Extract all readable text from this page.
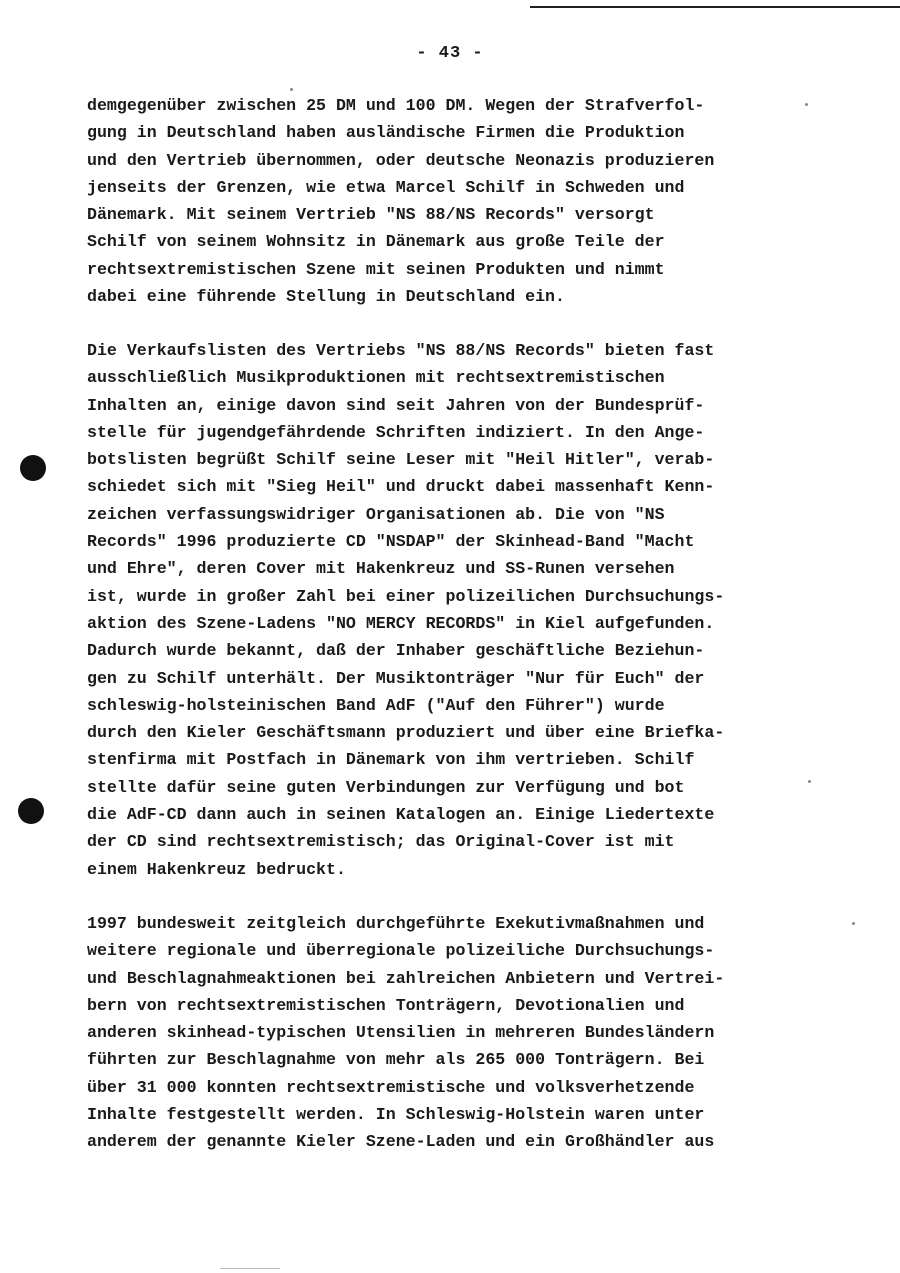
- 43 -
demgegenüber zwischen 25 DM und 100 DM. Wegen der Strafverfol-
gung in Deutschland haben ausländische Firmen die Produktion
und den Vertrieb übernommen, oder deutsche Neonazis produzieren
jenseits der Grenzen, wie etwa Marcel Schilf in Schweden und
Dänemark. Mit seinem Vertrieb "NS 88/NS Records" versorgt
Schilf von seinem Wohnsitz in Dänemark aus große Teile der
rechtsextremistischen Szene mit seinen Produkten und nimmt
dabei eine führende Stellung in Deutschland ein.
Die Verkaufslisten des Vertriebs "NS 88/NS Records" bieten fast
ausschließlich Musikproduktionen mit rechtsextremistischen
Inhalten an, einige davon sind seit Jahren von der Bundesprüf-
stelle für jugendgefährdende Schriften indiziert. In den Ange-
botslisten begrüßt Schilf seine Leser mit "Heil Hitler", verab-
schiedet sich mit "Sieg Heil" und druckt dabei massenhaft Kenn-
zeichen verfassungswidriger Organisationen ab. Die von "NS
Records" 1996 produzierte CD "NSDAP" der Skinhead-Band "Macht
und Ehre", deren Cover mit Hakenkreuz und SS-Runen versehen
ist, wurde in großer Zahl bei einer polizeilichen Durchsuchungs-
aktion des Szene-Ladens "NO MERCY RECORDS" in Kiel aufgefunden.
Dadurch wurde bekannt, daß der Inhaber geschäftliche Beziehun-
gen zu Schilf unterhält. Der Musiktonträger "Nur für Euch" der
schleswig-holsteinischen Band AdF ("Auf den Führer") wurde
durch den Kieler Geschäftsmann produziert und über eine Briefka-
stenfirma mit Postfach in Dänemark von ihm vertrieben. Schilf
stellte dafür seine guten Verbindungen zur Verfügung und bot
die AdF-CD dann auch in seinen Katalogen an. Einige Liedertexte
der CD sind rechtsextremistisch; das Original-Cover ist mit
einem Hakenkreuz bedruckt.
1997 bundesweit zeitgleich durchgeführte Exekutivmaßnahmen und
weitere regionale und überregionale polizeiliche Durchsuchungs-
und Beschlagnahmeaktionen bei zahlreichen Anbietern und Vertrei-
bern von rechtsextremistischen Tonträgern, Devotionalien und
anderen skinhead-typischen Utensilien in mehreren Bundesländern
führten zur Beschlagnahme von mehr als 265 000 Tonträgern. Bei
über 31 000 konnten rechtsextremistische und volksverhetzende
Inhalte festgestellt werden. In Schleswig-Holstein waren unter
anderem der genannte Kieler Szene-Laden und ein Großhändler aus
